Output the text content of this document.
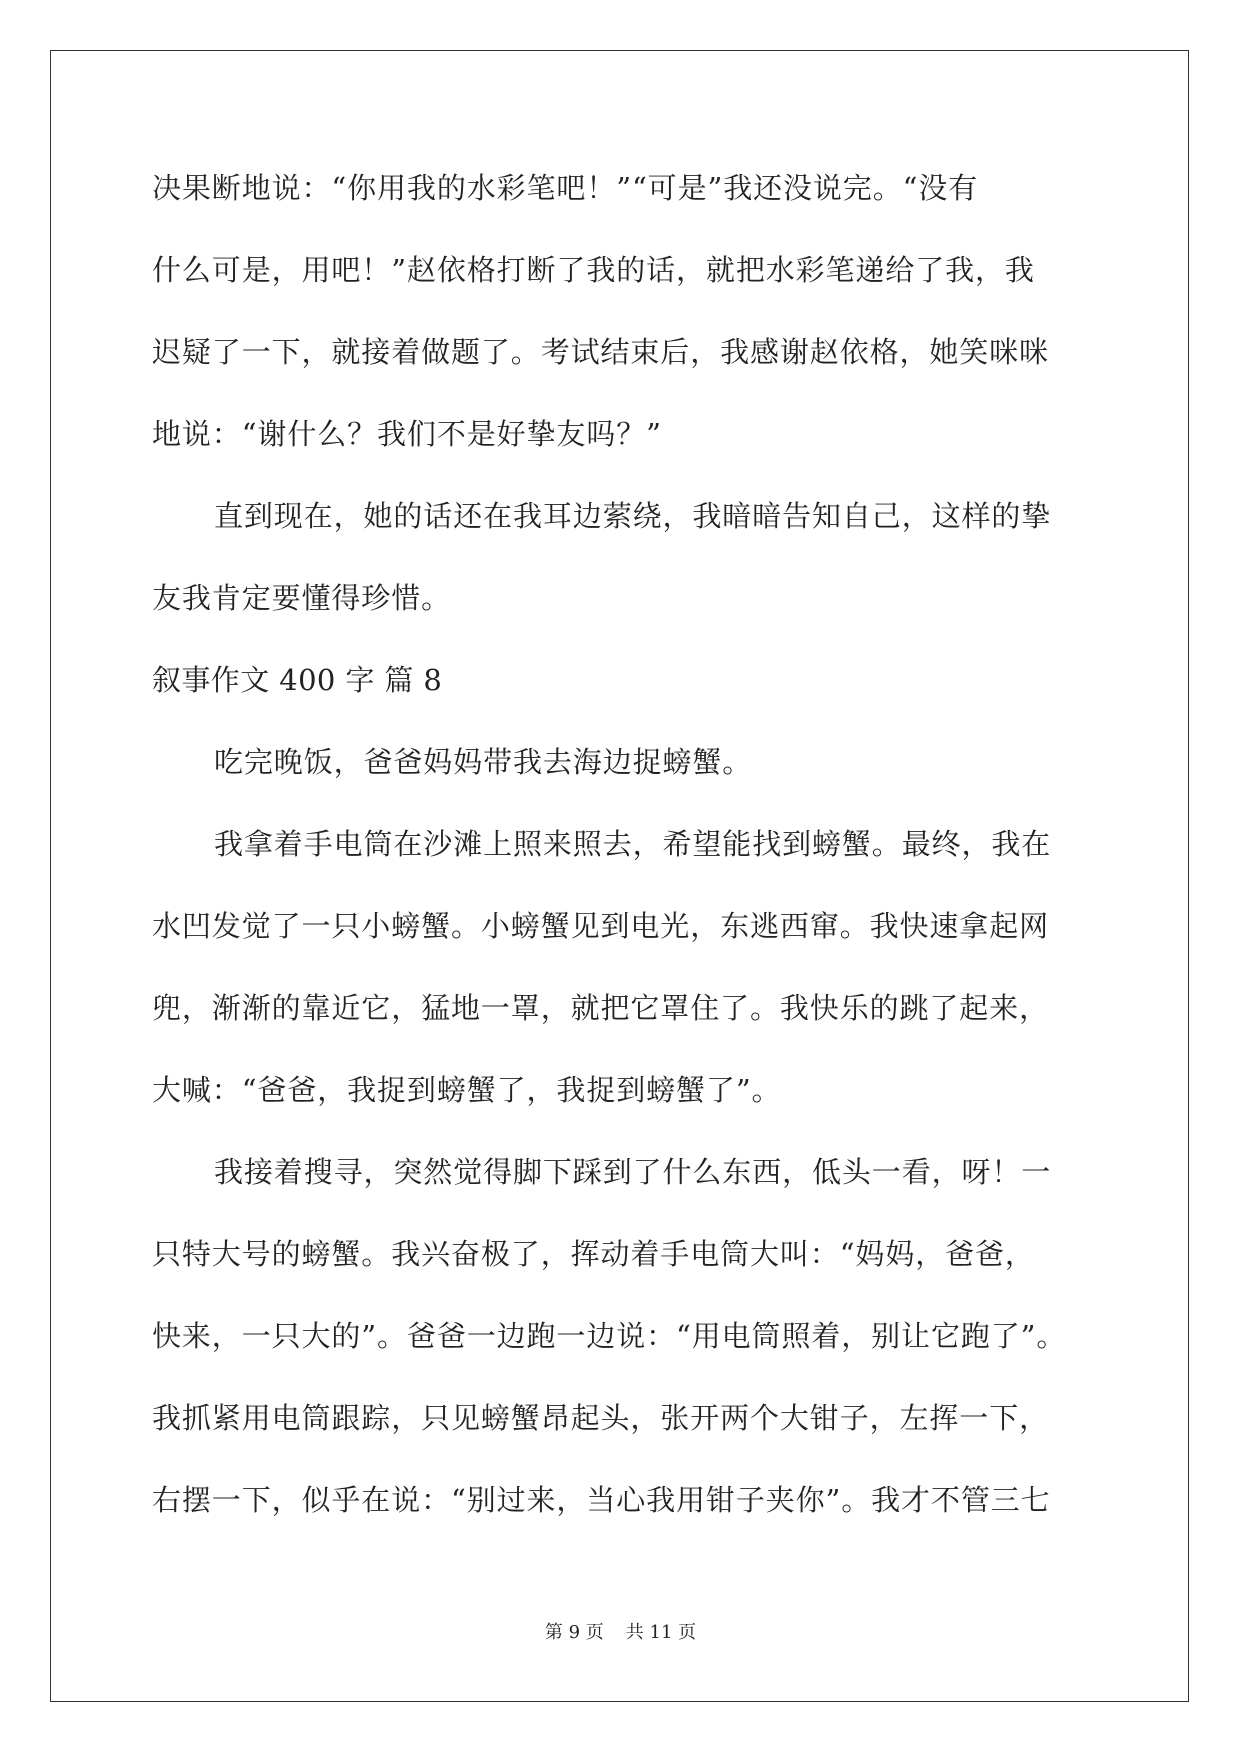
决果断地说：“你用我的水彩笔吧！”“可是”我还没说完。“没有

什么可是，用吧！”赵依格打断了我的话，就把水彩笔递给了我，我

迟疑了一下，就接着做题了。考试结束后，我感谢赵依格，她笑咪咪

地说：“谢什么？我们不是好挚友吗？”

直到现在，她的话还在我耳边萦绕，我暗暗告知自己，这样的挚

友我肯定要懂得珍惜。

叙事作文 400 字 篇 8

吃完晚饭，爸爸妈妈带我去海边捉螃蟹。

我拿着手电筒在沙滩上照来照去，希望能找到螃蟹。最终，我在

水凹发觉了一只小螃蟹。小螃蟹见到电光，东逃西窜。我快速拿起网

兜，渐渐的靠近它，猛地一罩，就把它罩住了。我快乐的跳了起来，

大喊：“爸爸，我捉到螃蟹了，我捉到螃蟹了”。

我接着搜寻，突然觉得脚下踩到了什么东西，低头一看，呀！一

只特大号的螃蟹。我兴奋极了，挥动着手电筒大叫：“妈妈，爸爸，

快来，一只大的”。爸爸一边跑一边说：“用电筒照着，别让它跑了”。

我抓紧用电筒跟踪，只见螃蟹昂起头，张开两个大钳子，左挥一下，

右摆一下，似乎在说：“别过来，当心我用钳子夹你”。我才不管三七

第 9 页 共 11 页
